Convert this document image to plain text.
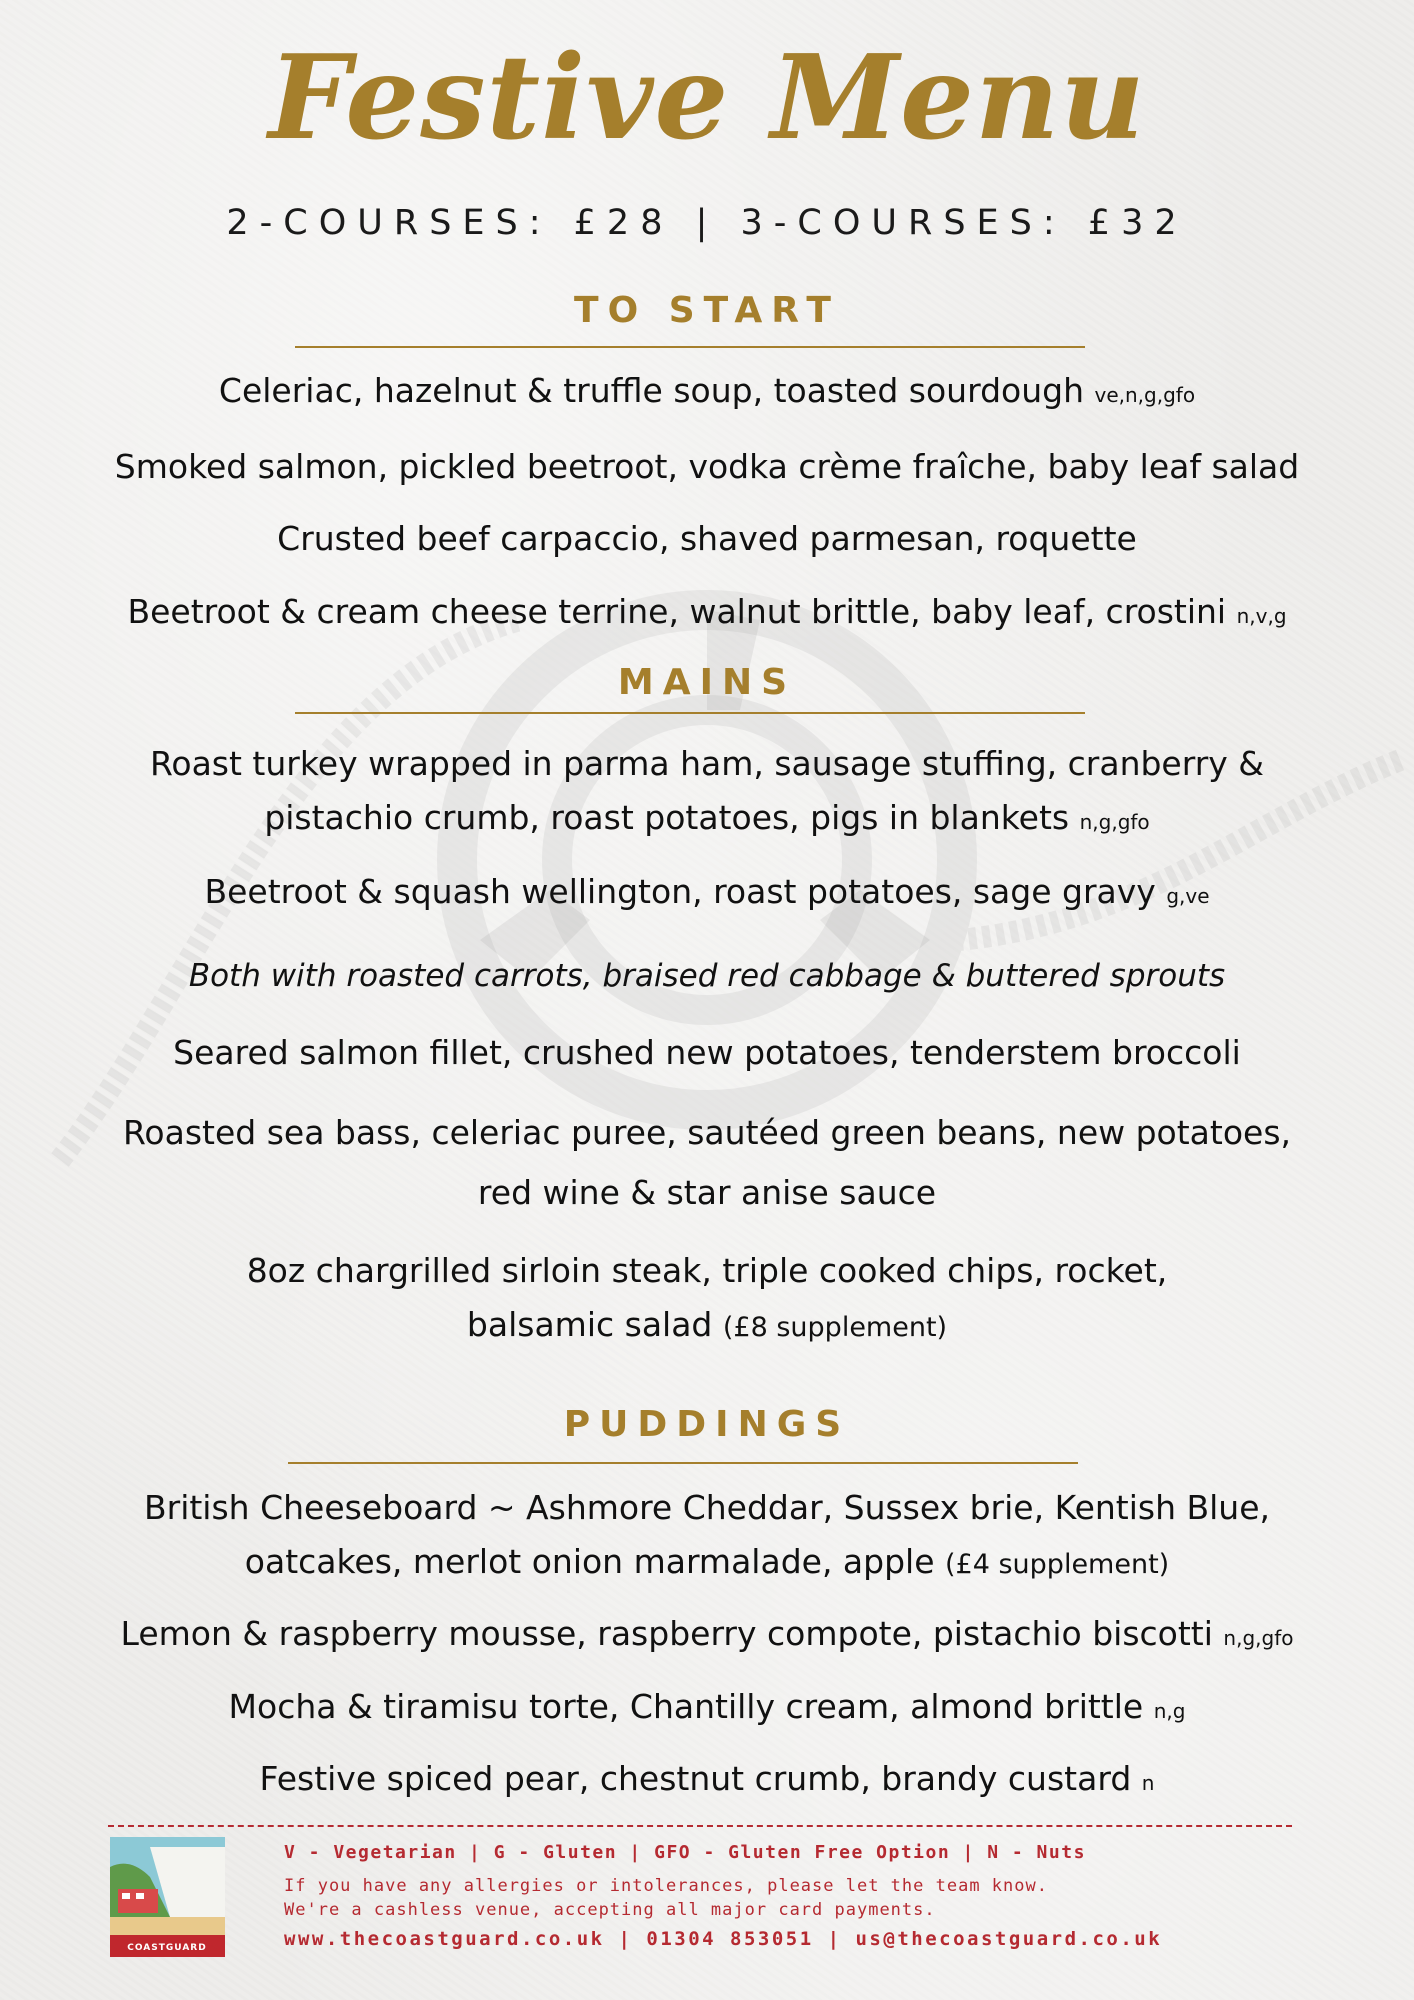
Festive Menu
2-COURSES: £28 | 3-COURSES: £32
TO START
Celeriac, hazelnut & truffle soup, toasted sourdough ve,n,g,gfo
Smoked salmon, pickled beetroot, vodka crème fraîche, baby leaf salad
Crusted beef carpaccio, shaved parmesan, roquette
Beetroot & cream cheese terrine, walnut brittle, baby leaf, crostini n,v,g
MAINS
Roast turkey wrapped in parma ham, sausage stuffing, cranberry &
pistachio crumb, roast potatoes, pigs in blankets n,g,gfo
Beetroot & squash wellington, roast potatoes, sage gravy g,ve
Both with roasted carrots, braised red cabbage & buttered sprouts
Seared salmon fillet, crushed new potatoes, tenderstem broccoli
Roasted sea bass, celeriac puree, sautéed green beans, new potatoes,
red wine & star anise sauce
8oz chargrilled sirloin steak, triple cooked chips, rocket,
balsamic salad (£8 supplement)
PUDDINGS
British Cheeseboard ~ Ashmore Cheddar, Sussex brie, Kentish Blue,
oatcakes, merlot onion marmalade, apple (£4 supplement)
Lemon & raspberry mousse, raspberry compote, pistachio biscotti n,g,gfo
Mocha & tiramisu torte, Chantilly cream, almond brittle n,g
Festive spiced pear, chestnut crumb, brandy custard n
COASTGUARD
V - Vegetarian | G - Gluten | GFO - Gluten Free Option | N - Nuts
If you have any allergies or intolerances, please let the team know.
We're a cashless venue, accepting all major card payments.
www.thecoastguard.co.uk | 01304 853051 | us@thecoastguard.co.uk
